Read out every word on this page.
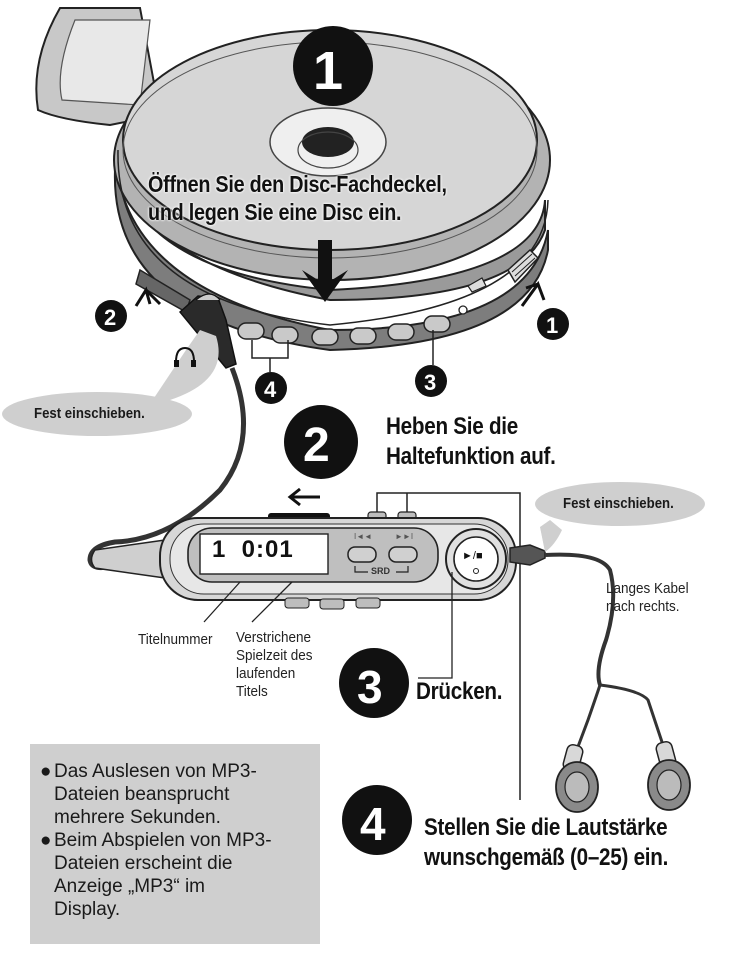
1
2
3
4
2	1
3
4
Öffnen Sie den Disc-Fachdeckel,
und legen Sie eine Disc ein.
Heben Sie die
Haltefunktion auf.
Drücken.
Stellen Sie die Lautstärke
wunschgemäß (0–25) ein.
Fest einschieben.
Fest einschieben.
Langes Kabel
nach rechts.
1  0:01	I◄◄	►►I
SRD
►/■
Titelnummer Verstrichene
Spielzeit des
laufenden
Titels
● Das Auslesen von MP3-
Dateien beansprucht
mehrere Sekunden.
● Beim Abspielen von MP3-
Dateien erscheint die
Anzeige „MP3“ im
Display.
